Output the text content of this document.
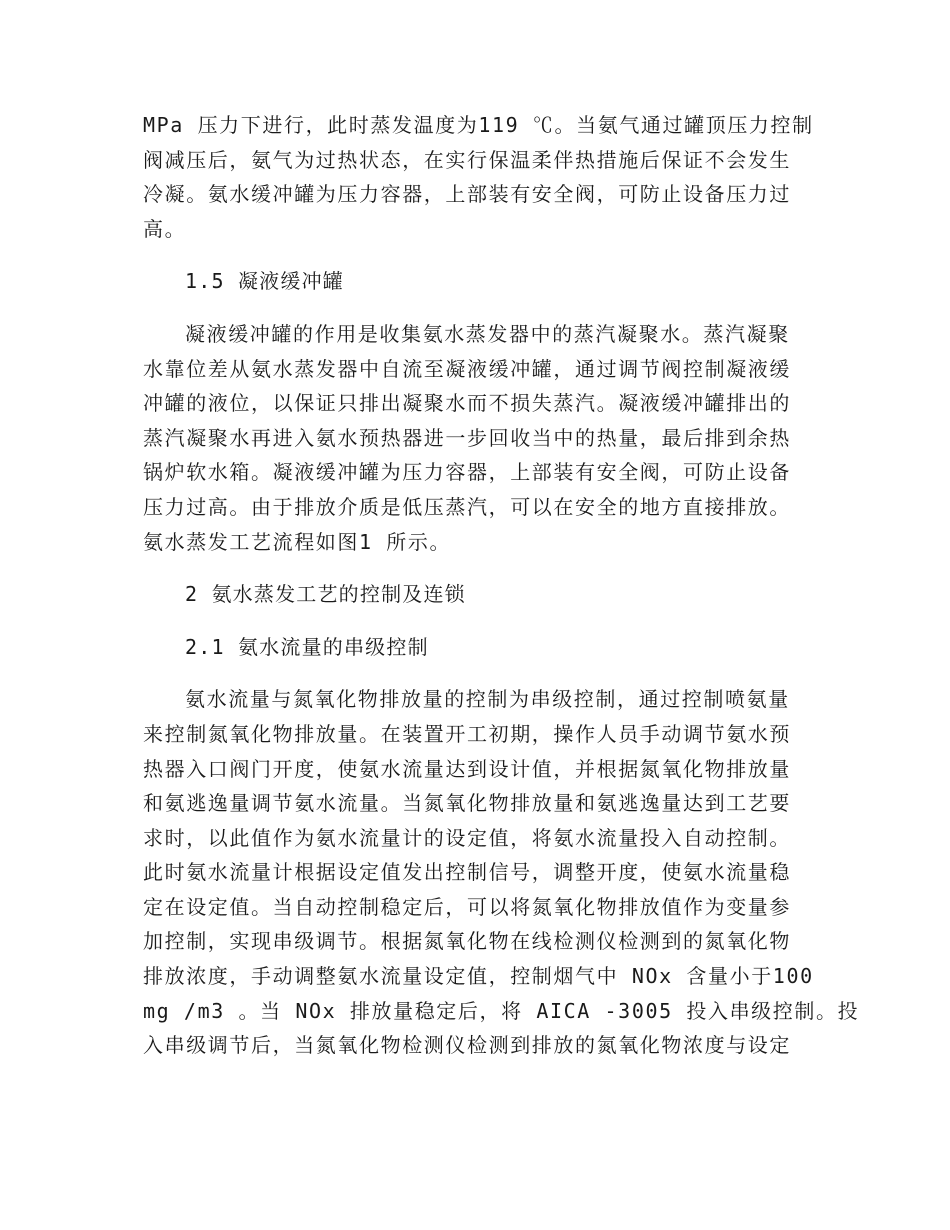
MPa 压力下进行，此时蒸发温度为119 ℃。当氨气通过罐顶压力控制
阀减压后，氨气为过热状态，在实行保温柔伴热措施后保证不会发生
冷凝。氨水缓冲罐为压力容器，上部装有安全阀，可防止设备压力过
高。
1.5 凝液缓冲罐
凝液缓冲罐的作用是收集氨水蒸发器中的蒸汽凝聚水。蒸汽凝聚
水靠位差从氨水蒸发器中自流至凝液缓冲罐，通过调节阀控制凝液缓
冲罐的液位，以保证只排出凝聚水而不损失蒸汽。凝液缓冲罐排出的
蒸汽凝聚水再进入氨水预热器进一步回收当中的热量，最后排到余热
锅炉软水箱。凝液缓冲罐为压力容器，上部装有安全阀，可防止设备
压力过高。由于排放介质是低压蒸汽，可以在安全的地方直接排放。
氨水蒸发工艺流程如图1 所示。
2 氨水蒸发工艺的控制及连锁
2.1 氨水流量的串级控制
氨水流量与氮氧化物排放量的控制为串级控制，通过控制喷氨量
来控制氮氧化物排放量。在装置开工初期，操作人员手动调节氨水预
热器入口阀门开度，使氨水流量达到设计值，并根据氮氧化物排放量
和氨逃逸量调节氨水流量。当氮氧化物排放量和氨逃逸量达到工艺要
求时，以此值作为氨水流量计的设定值，将氨水流量投入自动控制。
此时氨水流量计根据设定值发出控制信号，调整开度，使氨水流量稳
定在设定值。当自动控制稳定后，可以将氮氧化物排放值作为变量参
加控制，实现串级调节。根据氮氧化物在线检测仪检测到的氮氧化物
排放浓度，手动调整氨水流量设定值，控制烟气中 NOx 含量小于100
mg /m3 。当 NOx 排放量稳定后，将 AICA -3005 投入串级控制。投
入串级调节后，当氮氧化物检测仪检测到排放的氮氧化物浓度与设定
